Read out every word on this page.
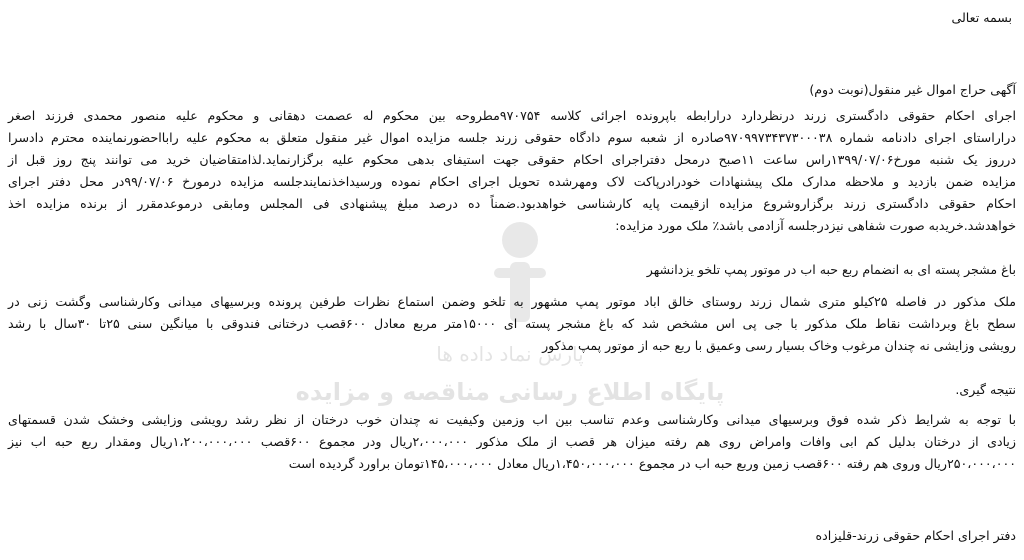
پارس نماد داده ها
پایگاه اطلاع رسانی مناقصه و مزایده
بسمه تعالی
آگهی حراج اموال غیر منقول(نوبت دوم)
اجرای احکام حقوقی دادگستری زرند درنظردارد درارابطه باپرونده اجرائی کلاسه ۹۷۰۷۵۴مطروحه بین محکوم له عصمت دهقانی و محکوم علیه منصور محمدی فرزند اصغر
دراراستای اجرای دادنامه شماره ۹۷۰۹۹۷۳۴۳۷۳۰۰۰۳۸صادره از شعبه سوم دادگاه حقوقی زرند جلسه مزایده اموال غیر منقول متعلق به محکوم علیه رابااحضورنماینده محترم دادسرا
درروز یک شنبه مورخ۱۳۹۹/۰۷/۰۶راس ساعت ۱۱صبح درمحل دفتراجرای احکام حقوقی جهت استیفای بدهی محکوم علیه برگزارنماید.لذامتقاضیان خرید می توانند پنج روز قبل از
مزایده ضمن بازدید و ملاحظه مدارک ملک پیشنهادات خودرادرپاکت لاک ومهرشده تحویل اجرای احکام نموده ورسیداخذنمایندجلسه مزایده درمورخ ۹۹/۰۷/۰۶در محل دفتر اجرای
احکام حقوقی دادگستری زرند برگزاروشروع مزایده ازقیمت پایه کارشناسی خواهدبود.ضمناً ده درصد مبلغ پیشنهادی فی المجلس ومابقی درموعدمقرر از برنده مزایده اخذ
خواهدشد.خریدبه صورت شفاهی نیزدرجلسه آزادمی باشد٪ ملک مورد مزایده:
باغ مشجر پسته ای به انضمام ربع حبه اب در موتور پمپ تلخو یزدانشهر
ملک مذکور در فاصله ۲۵کیلو متری شمال زرند روستای خالق اباد موتور پمپ مشهور به تلخو وضمن استماع نظرات طرفین پرونده وبرسیهای میدانی وکارشناسی وگشت زنی در
سطح باغ وبرداشت نقاط ملک مذکور با جی پی اس مشخص شد که باغ مشجر پسته ای ۱۵۰۰۰متر مربع معادل ۶۰۰قصب درختانی فندوقی با میانگین سنی ۲۵تا ۳۰سال با رشد
رویشی وزایشی نه چندان مرغوب وخاک بسیار رسی وعمیق با ربع حبه از موتور پمپ مذکور
نتیجه گیری.
با توجه به شرایط ذکر شده فوق وبرسیهای میدانی وکارشناسی وعدم تناسب بین اب وزمین وکیفیت نه چندان خوب درختان از نظر رشد رویشی وزایشی وخشک شدن قسمتهای
زیادی از درختان بدلیل کم ابی وافات وامراض روی هم رفته میزان هر قصب از ملک مذکور ۲،۰۰۰،۰۰۰ریال ودر مجموع ۶۰۰قصب ۱،۲۰۰،۰۰۰،۰۰۰ریال ومقدار ربع حبه اب نیز
۲۵۰،۰۰۰،۰۰۰ریال وروی هم رفته ۶۰۰قصب زمین وربع حبه اب در مجموع ۱،۴۵۰،۰۰۰،۰۰۰ریال معادل ۱۴۵،۰۰۰،۰۰۰تومان براورد گردیده است
دفتر اجرای احکام حقوقی زرند-قلیزاده
